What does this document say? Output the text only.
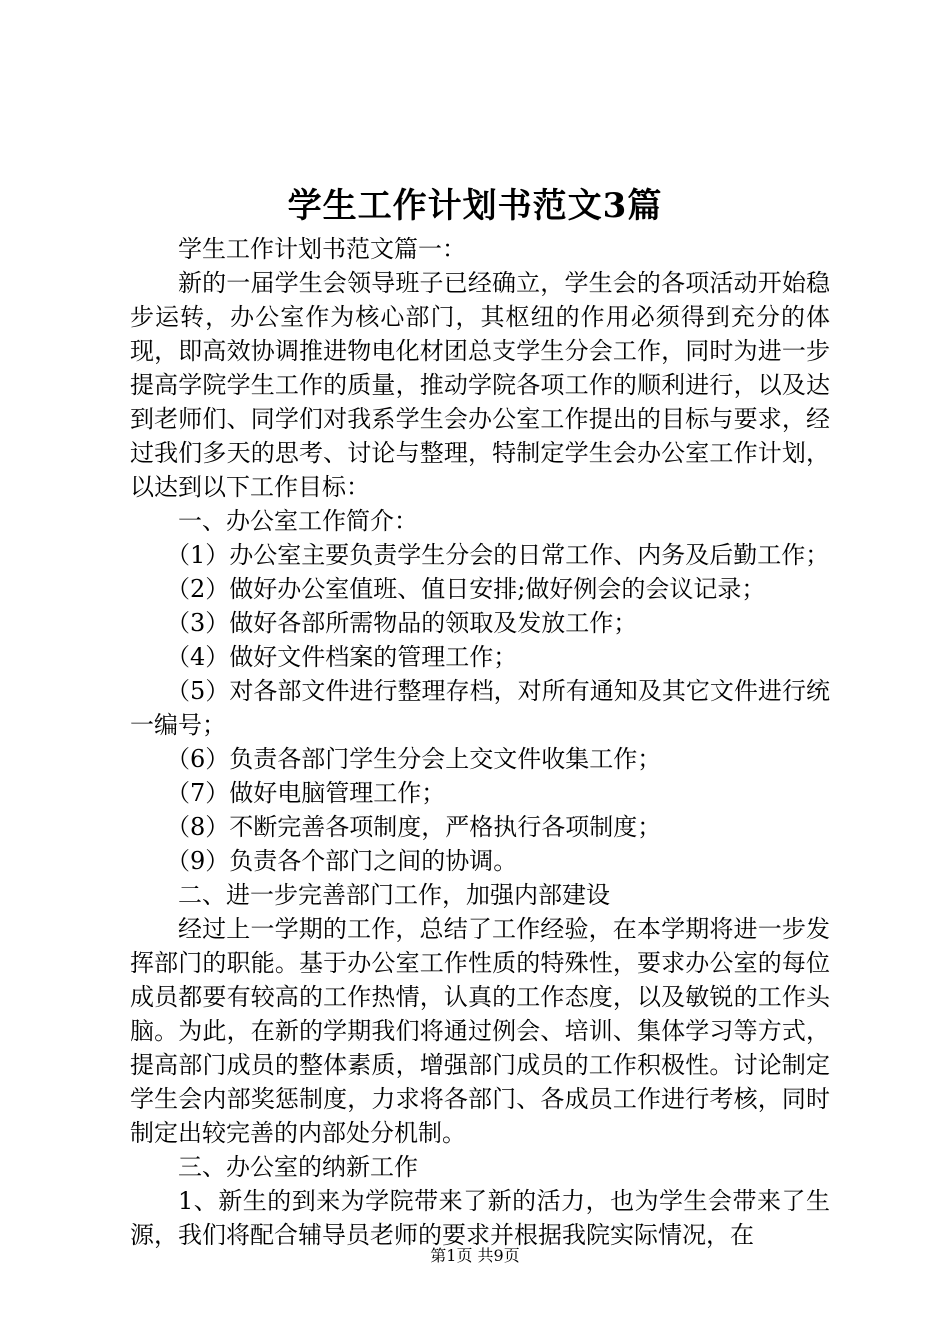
学生工作计划书范文3篇

学生工作计划书范文篇一：

新的一届学生会领导班子已经确立，学生会的各项活动开始稳步运转，办公室作为核心部门，其枢纽的作用必须得到充分的体现，即高效协调推进物电化材团总支学生分会工作，同时为进一步提高学院学生工作的质量，推动学院各项工作的顺利进行，以及达到老师们、同学们对我系学生会办公室工作提出的目标与要求，经过我们多天的思考、讨论与整理，特制定学生会办公室工作计划，以达到以下工作目标：

一、办公室工作简介：

（1）办公室主要负责学生分会的日常工作、内务及后勤工作；

（2）做好办公室值班、值日安排;做好例会的会议记录；

（3）做好各部所需物品的领取及发放工作；

（4）做好文件档案的管理工作；

（5）对各部文件进行整理存档，对所有通知及其它文件进行统一编号；

（6）负责各部门学生分会上交文件收集工作；

（7）做好电脑管理工作；

（8）不断完善各项制度，严格执行各项制度；

（9）负责各个部门之间的协调。

二、进一步完善部门工作，加强内部建设

经过上一学期的工作，总结了工作经验，在本学期将进一步发挥部门的职能。基于办公室工作性质的特殊性，要求办公室的每位成员都要有较高的工作热情，认真的工作态度，以及敏锐的工作头脑。为此，在新的学期我们将通过例会、培训、集体学习等方式，提高部门成员的整体素质，增强部门成员的工作积极性。讨论制定学生会内部奖惩制度，力求将各部门、各成员工作进行考核，同时制定出较完善的内部处分机制。

三、办公室的纳新工作

1、新生的到来为学院带来了新的活力，也为学生会带来了生源，我们将配合辅导员老师的要求并根据我院实际情况，在

第1页 共9页
